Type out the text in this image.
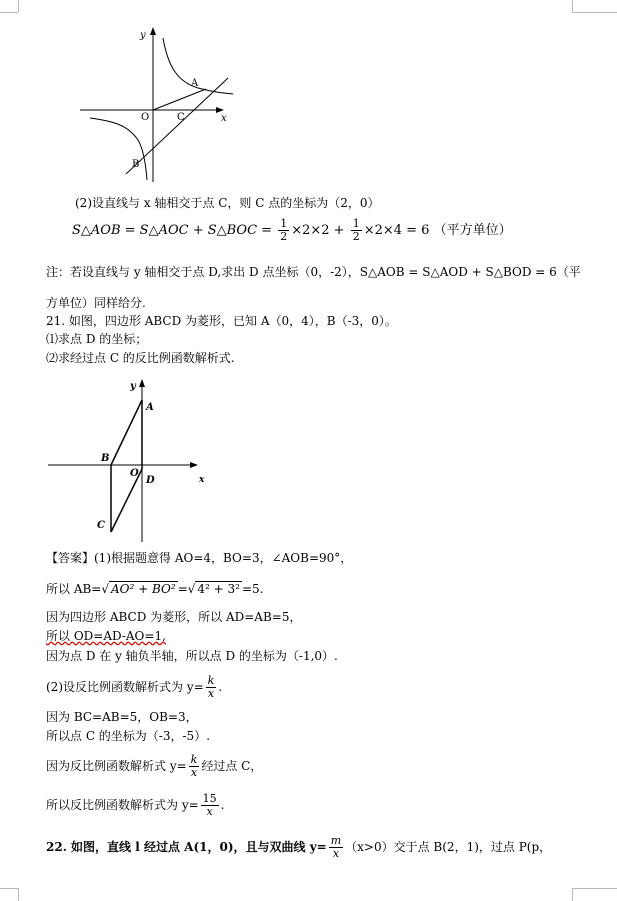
y
x
O	C
A
B
(2)设直线与 x 轴相交于点 C，则 C 点的坐标为（2，0）
S△AOB = S△AOC + S△BOC = $\frac{1}{2} \times 2\times 2 + \frac{1}{2} \times 2\times 4 = 6$ （平方单位）
注：若设直线与 y 轴相交于点 D,求出 D 点坐标（0，-2），S△AOB = S△AOD + S△BOD = 6（平
方单位）同样给分.
21. 如图，四边形 ABCD 为菱形，已知 A（0，4），B（-3，0）。
⑴求点 D 的坐标；
⑵求经过点 C 的反比例函数解析式.
y
x
A
B
O
D
C
【答案】(1)根据题意得 AO=4，BO=3，∠AOB=90°，
所以 AB=√ AO² + BO² =√ 4² + 3² =5.
因为四边形 ABCD 为菱形，所以 AD=AB=5，
所以 OD=AD-AO=1,
因为点 D 在 y 轴负半轴，所以点 D 的坐标为（-1,0）.
(2)设反比例函数解析式为 $y= \frac{k}{x}$ .
因为 BC=AB=5，OB=3，
所以点 C 的坐标为（-3，-5）.
因为反比例函数解析式 $y= \frac{k}{x}$ 经过点 C，
所以反比例函数解析式为 $y= \frac{15}{x}$ .
22. 如图，直线 l 经过点 A(1，0)，且与双曲线 $y= \frac{m}{x} (x>0)$交于点 B(2，1)，过点 P(p，
